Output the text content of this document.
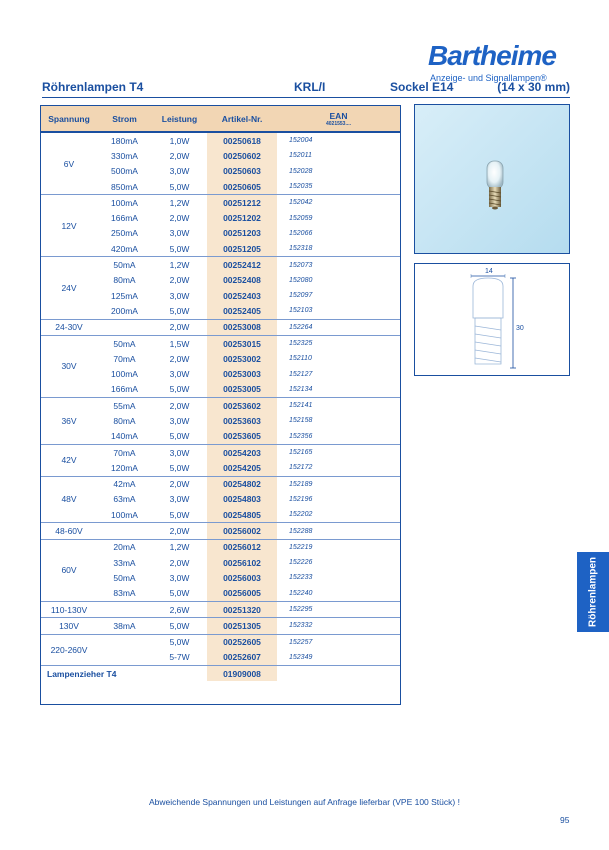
Bartheime
Anzeige- und Signallampen®
Röhrenlampen T4	KRL/I	Sockel E14	(14 x 30 mm)
Spannung	Strom	Leistung	Artikel-Nr.	EAN
4021553....

6V	180mA	1,0W	00250618	152004
	330mA	2,0W	00250602	152011
	500mA	3,0W	00250603	152028
	850mA	5,0W	00250605	152035
12V	100mA	1,2W	00251212	152042
	166mA	2,0W	00251202	152059
	250mA	3,0W	00251203	152066
	420mA	5,0W	00251205	152318
24V	50mA	1,2W	00252412	152073
	80mA	2,0W	00252408	152080
	125mA	3,0W	00252403	152097
	200mA	5,0W	00252405	152103
24-30V		2,0W	00253008	152264
30V	50mA	1,5W	00253015	152325
	70mA	2,0W	00253002	152110
	100mA	3,0W	00253003	152127
	166mA	5,0W	00253005	152134
36V	55mA	2,0W	00253602	152141
	80mA	3,0W	00253603	152158
	140mA	5,0W	00253605	152356
42V	70mA	3,0W	00254203	152165
	120mA	5,0W	00254205	152172
48V	42mA	2,0W	00254802	152189
	63mA	3,0W	00254803	152196
	100mA	5,0W	00254805	152202
48-60V		2,0W	00256002	152288
60V	20mA	1,2W	00256012	152219
	33mA	2,0W	00256102	152226
	50mA	3,0W	00256003	152233
	83mA	5,0W	00256005	152240
110-130V		2,6W	00251320	152295
130V	38mA	5,0W	00251305	152332
220-260V		5,0W	00252605	152257
		5-7W	00252607	152349
Lampenzieher T4			01909008	
14
30
Röhrenlampen
Abweichende Spannungen und Leistungen auf Anfrage lieferbar (VPE 100 Stück) !
95
